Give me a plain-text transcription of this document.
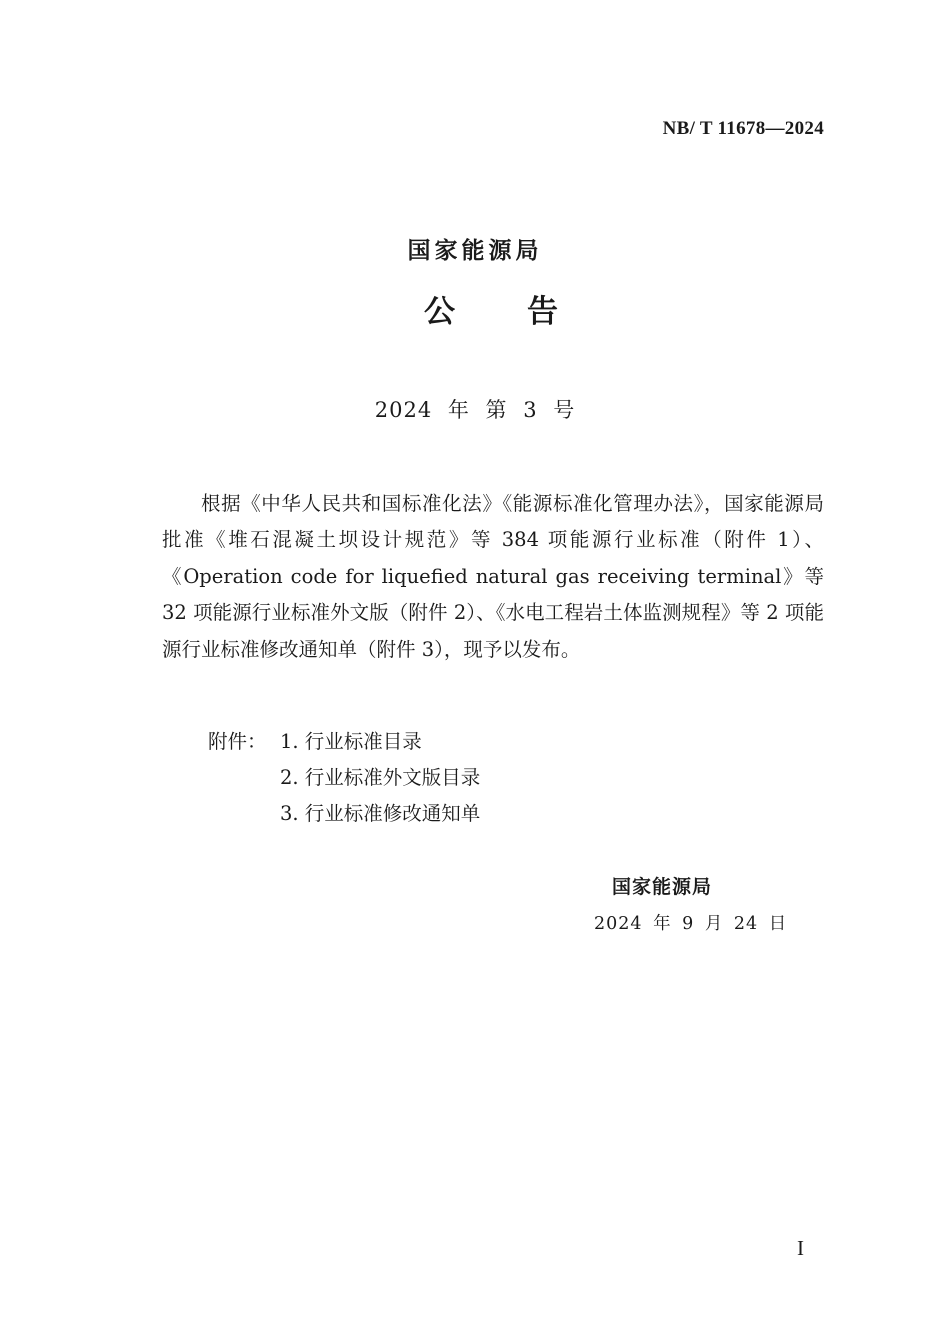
NB/ T 11678—2024
国家能源局
公 告
2024 年 第 3 号

根据《中华人民共和国标准化法》《能源标准化管理办法》，国家能源局批准《堆石混凝土坝设计规范》等 384 项能源行业标准（附件 1）、《Operation code for liquefied natural gas receiving terminal》等 32 项能源行业标准外文版（附件 2）、《水电工程岩土体监测规程》等 2 项能源行业标准修改通知单（附件 3），现予以发布。

附件： 1. 行业标准目录
2. 行业标准外文版目录
3. 行业标准修改通知单
国家能源局
2024 年 9 月 24 日
I
